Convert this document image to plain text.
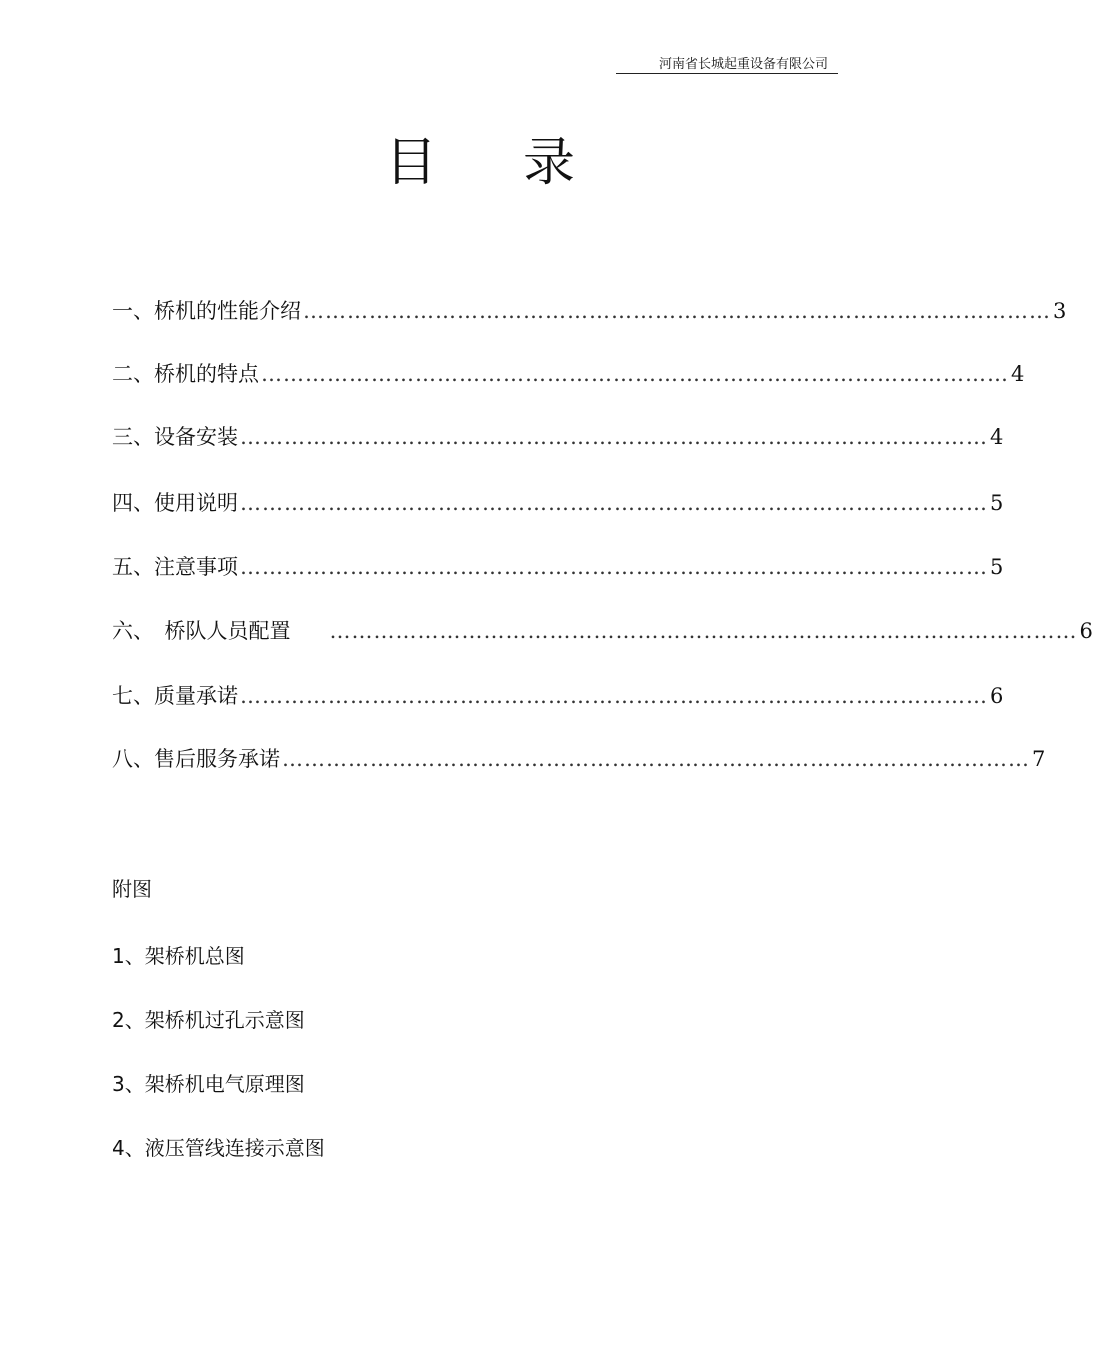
河南省长城起重设备有限公司
目 录
一、桥机的性能介绍 ………………………………………………………………………………………… 3
二、桥机的特点 ………………………………………………………………………………………… 4
三、设备安装 ………………………………………………………………………………………… 4
四、使用说明 ………………………………………………………………………………………… 5
五、注意事项 ………………………………………………………………………………………… 5
六、　桥队人员配置　 ………………………………………………………………………………………… 6
七、质量承诺 ………………………………………………………………………………………… 6
八、售后服务承诺 ………………………………………………………………………………………… 7
附图
1、架桥机总图
2、架桥机过孔示意图
3、架桥机电气原理图
4、液压管线连接示意图
